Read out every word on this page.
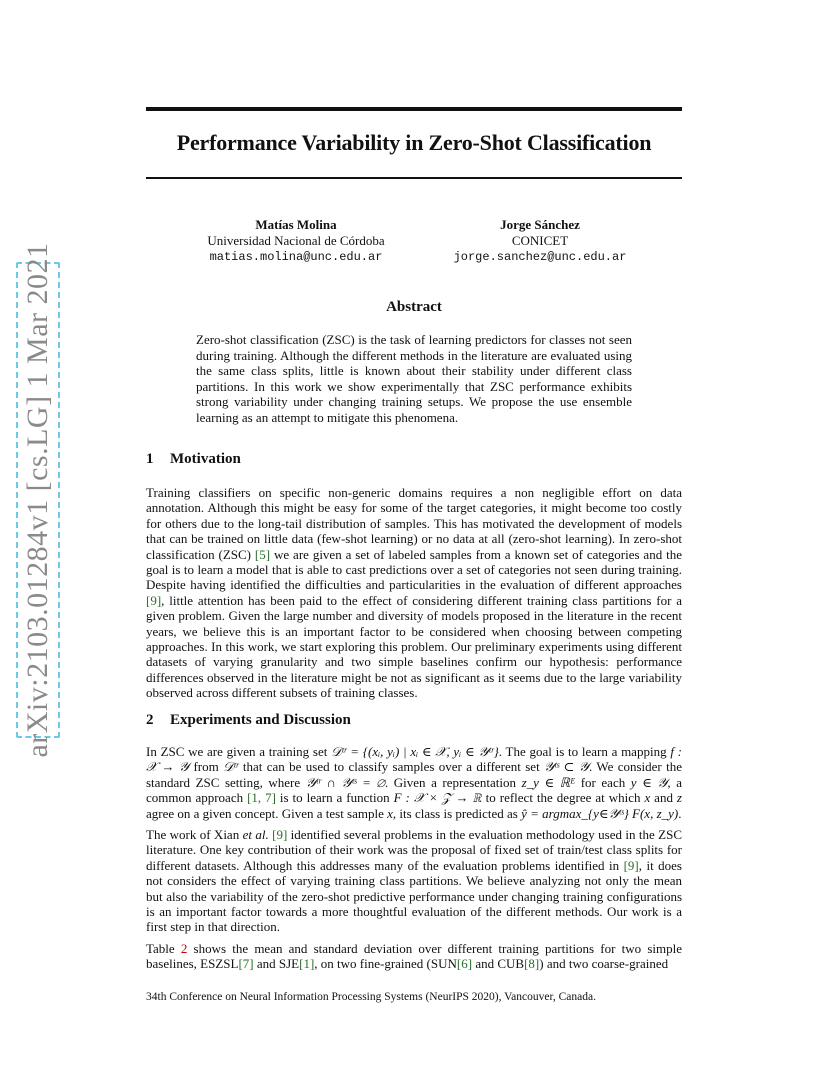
arXiv:2103.01284v1 [cs.LG] 1 Mar 2021
Performance Variability in Zero-Shot Classification
Matías Molina
Universidad Nacional de Córdoba
matias.molina@unc.edu.ar
Jorge Sánchez
CONICET
jorge.sanchez@unc.edu.ar
Abstract
Zero-shot classification (ZSC) is the task of learning predictors for classes not seen during training. Although the different methods in the literature are evaluated using the same class splits, little is known about their stability under different class partitions. In this work we show experimentally that ZSC performance exhibits strong variability under changing training setups. We propose the use ensemble learning as an attempt to mitigate this phenomena.
1 Motivation

Training classifiers on specific non-generic domains requires a non negligible effort on data annotation. Although this might be easy for some of the target categories, it might become too costly for others due to the long-tail distribution of samples. This has motivated the development of models that can be trained on little data (few-shot learning) or no data at all (zero-shot learning). In zero-shot classification (ZSC) [5] we are given a set of labeled samples from a known set of categories and the goal is to learn a model that is able to cast predictions over a set of categories not seen during training. Despite having identified the difficulties and particularities in the evaluation of different approaches [9], little attention has been paid to the effect of considering different training class partitions for a given problem. Given the large number and diversity of models proposed in the literature in the recent years, we believe this is an important factor to be considered when choosing between competing approaches. In this work, we start exploring this problem. Our preliminary experiments using different datasets of varying granularity and two simple baselines confirm our hypothesis: performance differences observed in the literature might be not as significant as it seems due to the large variability observed across different subsets of training classes.

2 Experiments and Discussion

In ZSC we are given a training set 𝒟ᵗʳ = {(xᵢ, yᵢ) | xᵢ ∈ 𝒳, yᵢ ∈ 𝒴ᵗʳ}. The goal is to learn a mapping f : 𝒳 → 𝒴 from 𝒟ᵗʳ that can be used to classify samples over a different set 𝒴ᵗˢ ⊂ 𝒴. We consider the standard ZSC setting, where 𝒴ᵗʳ ∩ 𝒴ᵗˢ = ∅. Given a representation z_y ∈ ℝᴱ for each y ∈ 𝒴, a common approach [1, 7] is to learn a function F : 𝒳 × 𝒵 → ℝ to reflect the degree at which x and z agree on a given concept. Given a test sample x, its class is predicted as ŷ = argmax_{y∈𝒴ᵗˢ} F(x, z_y).

The work of Xian et al. [9] identified several problems in the evaluation methodology used in the ZSC literature. One key contribution of their work was the proposal of fixed set of train/test class splits for different datasets. Although this addresses many of the evaluation problems identified in [9], it does not considers the effect of varying training class partitions. We believe analyzing not only the mean but also the variability of the zero-shot predictive performance under changing training configurations is an important factor towards a more thoughtful evaluation of the different methods. Our work is a first step in that direction.

Table 2 shows the mean and standard deviation over different training partitions for two simple baselines, ESZSL[7] and SJE[1], on two fine-grained (SUN[6] and CUB[8]) and two coarse-grained

34th Conference on Neural Information Processing Systems (NeurIPS 2020), Vancouver, Canada.
